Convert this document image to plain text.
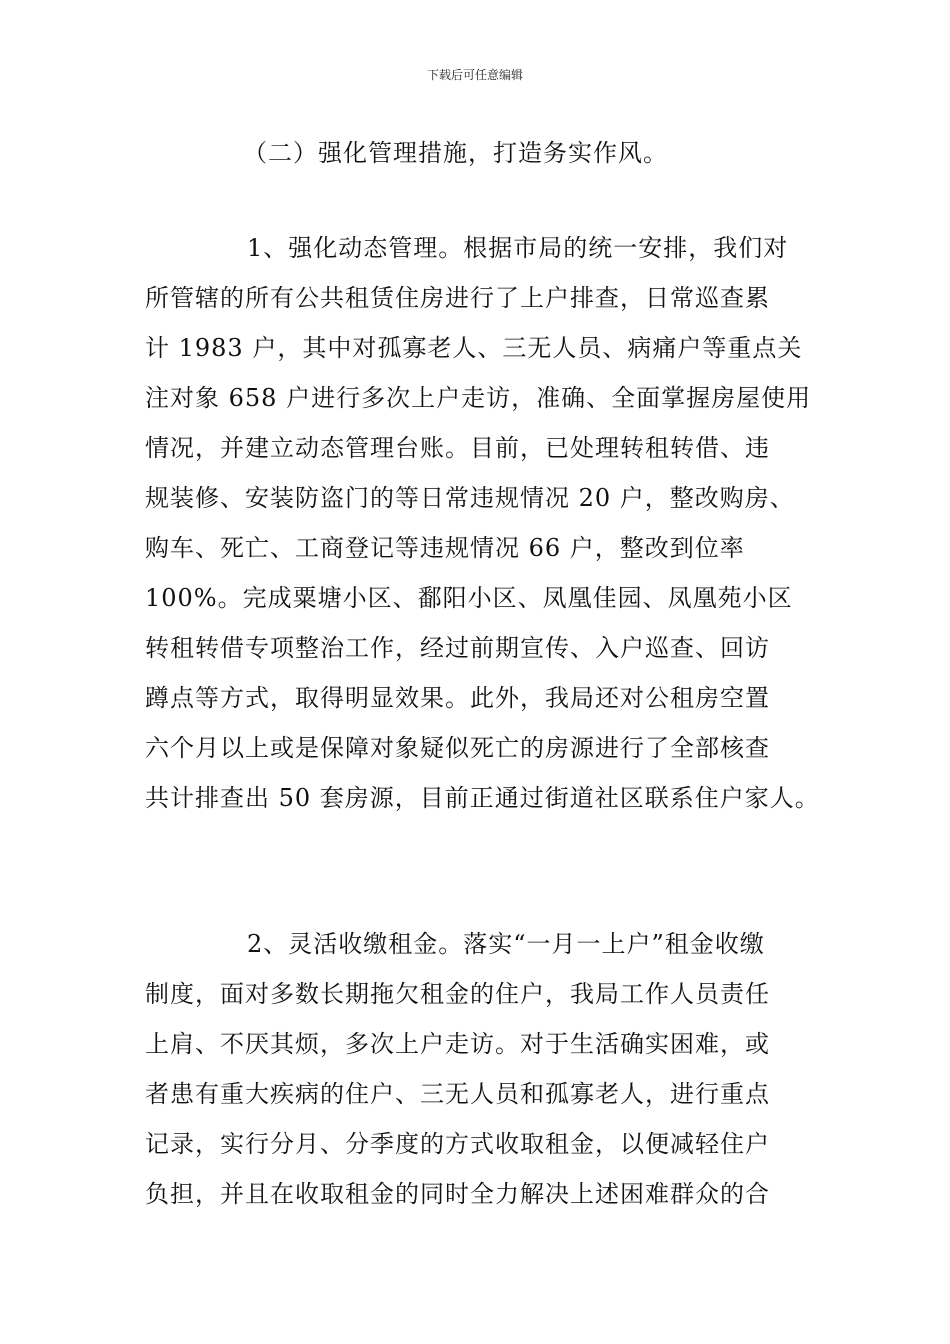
下载后可任意编辑
（二）强化管理措施，打造务实作风。
1、强化动态管理。根据市局的统一安排，我们对
所管辖的所有公共租赁住房进行了上户排查，日常巡查累
计 1983 户，其中对孤寡老人、三无人员、病痛户等重点关
注对象 658 户进行多次上户走访，准确、全面掌握房屋使用
情况，并建立动态管理台账。目前，已处理转租转借、违
规装修、安装防盗门的等日常违规情况 20 户，整改购房、
购车、死亡、工商登记等违规情况 66 户，整改到位率
100%。完成粟塘小区、鄱阳小区、凤凰佳园、凤凰苑小区
转租转借专项整治工作，经过前期宣传、入户巡查、回访
蹲点等方式，取得明显效果。此外，我局还对公租房空置
六个月以上或是保障对象疑似死亡的房源进行了全部核查
共计排查出 50 套房源，目前正通过街道社区联系住户家人。
2、灵活收缴租金。落实“一月一上户”租金收缴
制度，面对多数长期拖欠租金的住户，我局工作人员责任
上肩、不厌其烦，多次上户走访。对于生活确实困难，或
者患有重大疾病的住户、三无人员和孤寡老人，进行重点
记录，实行分月、分季度的方式收取租金，以便减轻住户
负担，并且在收取租金的同时全力解决上述困难群众的合
